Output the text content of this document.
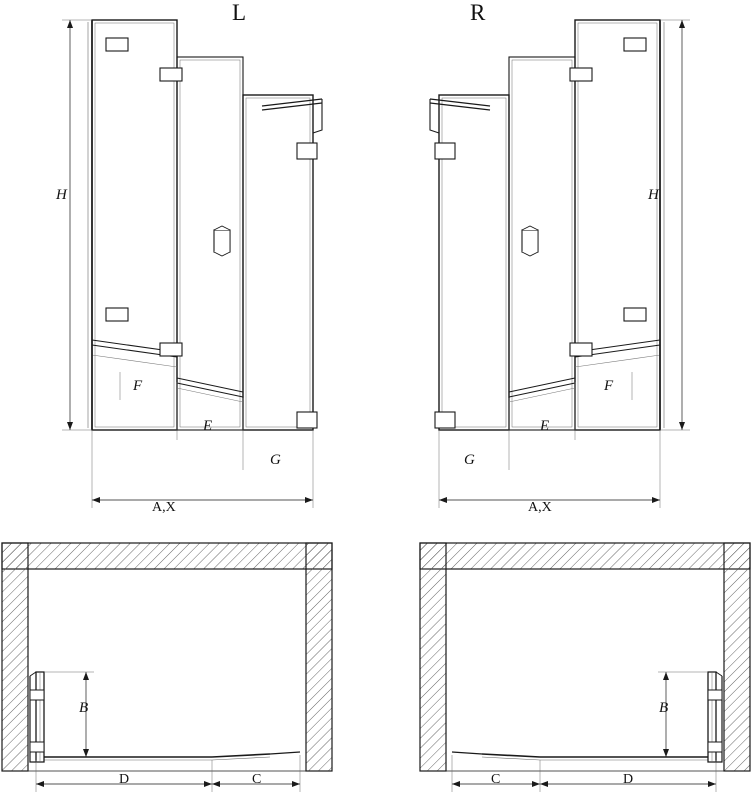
L	R
H	H
F
E
G
F
E
G
A,X	A,X
B	B
D	C	C	D
